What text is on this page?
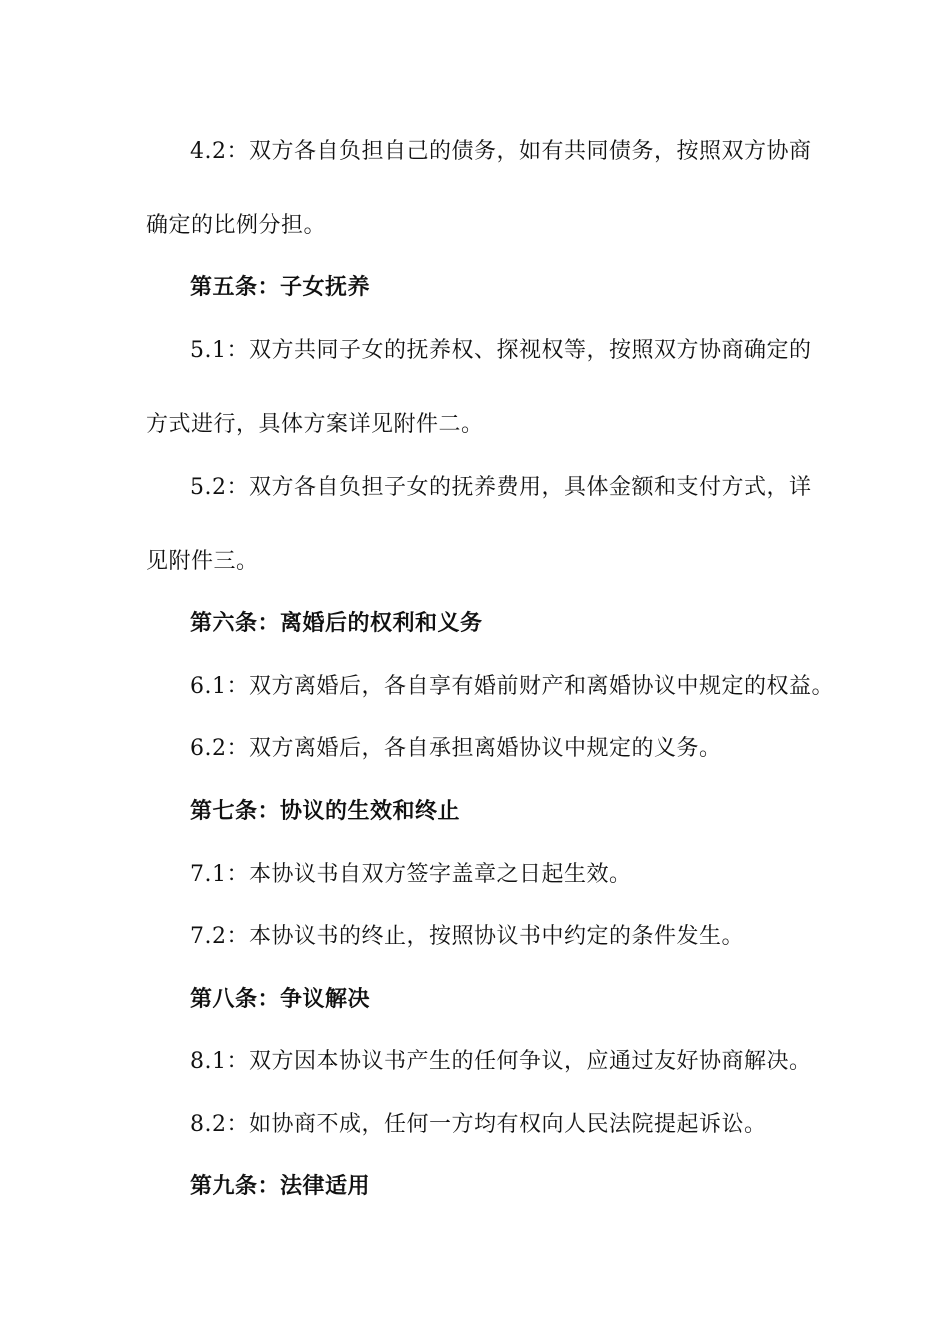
4.2：双方各自负担自己的债务，如有共同债务，按照双方协商
确定的比例分担。
第五条：子女抚养
5.1：双方共同子女的抚养权、探视权等，按照双方协商确定的
方式进行，具体方案详见附件二。
5.2：双方各自负担子女的抚养费用，具体金额和支付方式，详
见附件三。
第六条：离婚后的权利和义务
6.1：双方离婚后，各自享有婚前财产和离婚协议中规定的权益。
6.2：双方离婚后，各自承担离婚协议中规定的义务。
第七条：协议的生效和终止
7.1：本协议书自双方签字盖章之日起生效。
7.2：本协议书的终止，按照协议书中约定的条件发生。
第八条：争议解决
8.1：双方因本协议书产生的任何争议，应通过友好协商解决。
8.2：如协商不成，任何一方均有权向人民法院提起诉讼。
第九条：法律适用
